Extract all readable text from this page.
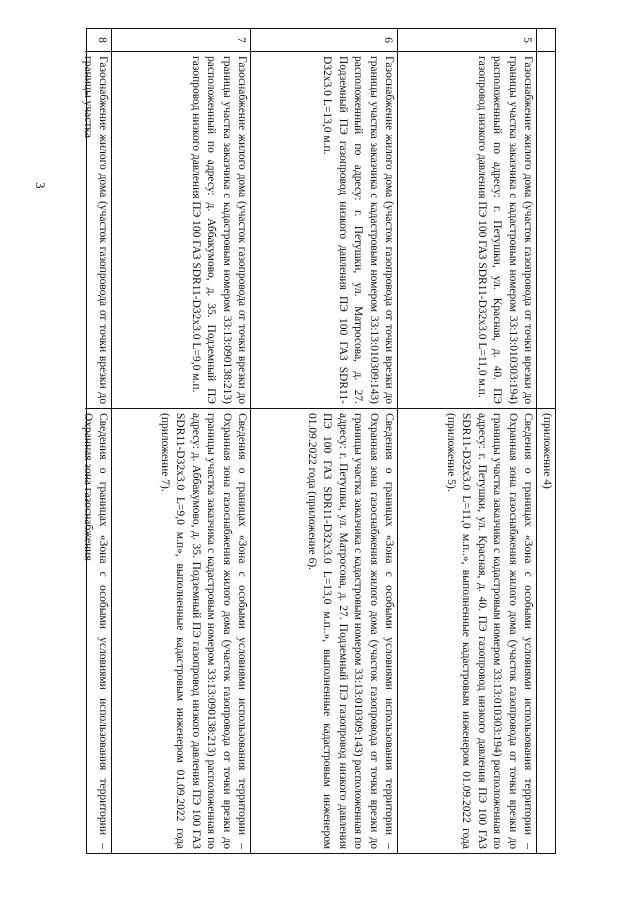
3
(приложение 4)
5
Газоснабжение жилого дома (участок газопровода от точки врезки до границы участка заказчика с кадастровым номером 33:13:010303:194) расположенный по адресу: г. Петушки, ул. Красная, д. 40. ПЭ газопровод низкого давления ПЭ 100 ГАЗ SDR11-D32x3.0 L=11,0 м.п.
Сведения о границах «Зона с особыми условиями использования территории – Охранная зона газоснабжения жилого дома (участок газопровода от точки врезки до границы участка заказчика с кадастровым номером 33:13:010303:194) расположенная по адресу: г. Петушки, ул. Красная, д. 40. ПЭ газопровод низкого давления ПЭ 100 ГАЗ SDR11-D32x3.0 L=11,0 м.п..», выполненные кадастровым инженером 01.09.2022 года (приложение 5).
6
Газоснабжение жилого дома (участок газопровода от точки врезки до границы участка заказчика с кадастровым номером 33:13:010309:143) расположенный по адресу: г. Петушки, ул. Матросова, д. 27. Подземный ПЭ газопровод низкого давления ПЭ 100 ГАЗ SDR11-D32x3.0 L=13,0 м.п.
Сведения о границах «Зона с особыми условиями использования территории – Охранная зона газоснабжения жилого дома (участок газопровода от точки врезки до границы участка заказчика с кадастровым номером 33:13:010309:143) расположенная по адресу: г. Петушки, ул. Матросова, д. 27. Подземный ПЭ газопровод низкого давления ПЭ 100 ГАЗ SDR11-D32x3.0 L=13,0 м.п..», выполненные кадастровым инженером 01.09.2022 года (приложение 6).
7
Газоснабжение жилого дома (участок газопровода от точки врезки до границы участка заказчика с кадастровым номером 33:13:090138:213) расположенный по адресу: д. Аббакумово, д. 35. Подземный ПЭ газопровод низкого давления ПЭ 100 ГАЗ SDR11-D32x3.0 L=9,0 м.п.
Сведения о границах «Зона с особыми условиями использования территории – Охранная зона газоснабжения жилого дома (участок газопровода от точки врезки до границы участка заказчика с кадастровым номером 33:13:090138:213) расположенная по адресу: д. Аббакумово, д. 35. Подземный ПЭ газопровод низкого давления ПЭ 100 ГАЗ SDR11-D32x3.0 L=9,0 м.п», выполненные кадастровым инженером 01.09.2022 года (приложение 7).
8
Газоснабжение жилого дома (участок газопровода от точки врезки до границы участка
Сведения о границах «Зона с особыми условиями использования территории – Охранная зона газоснабжения
